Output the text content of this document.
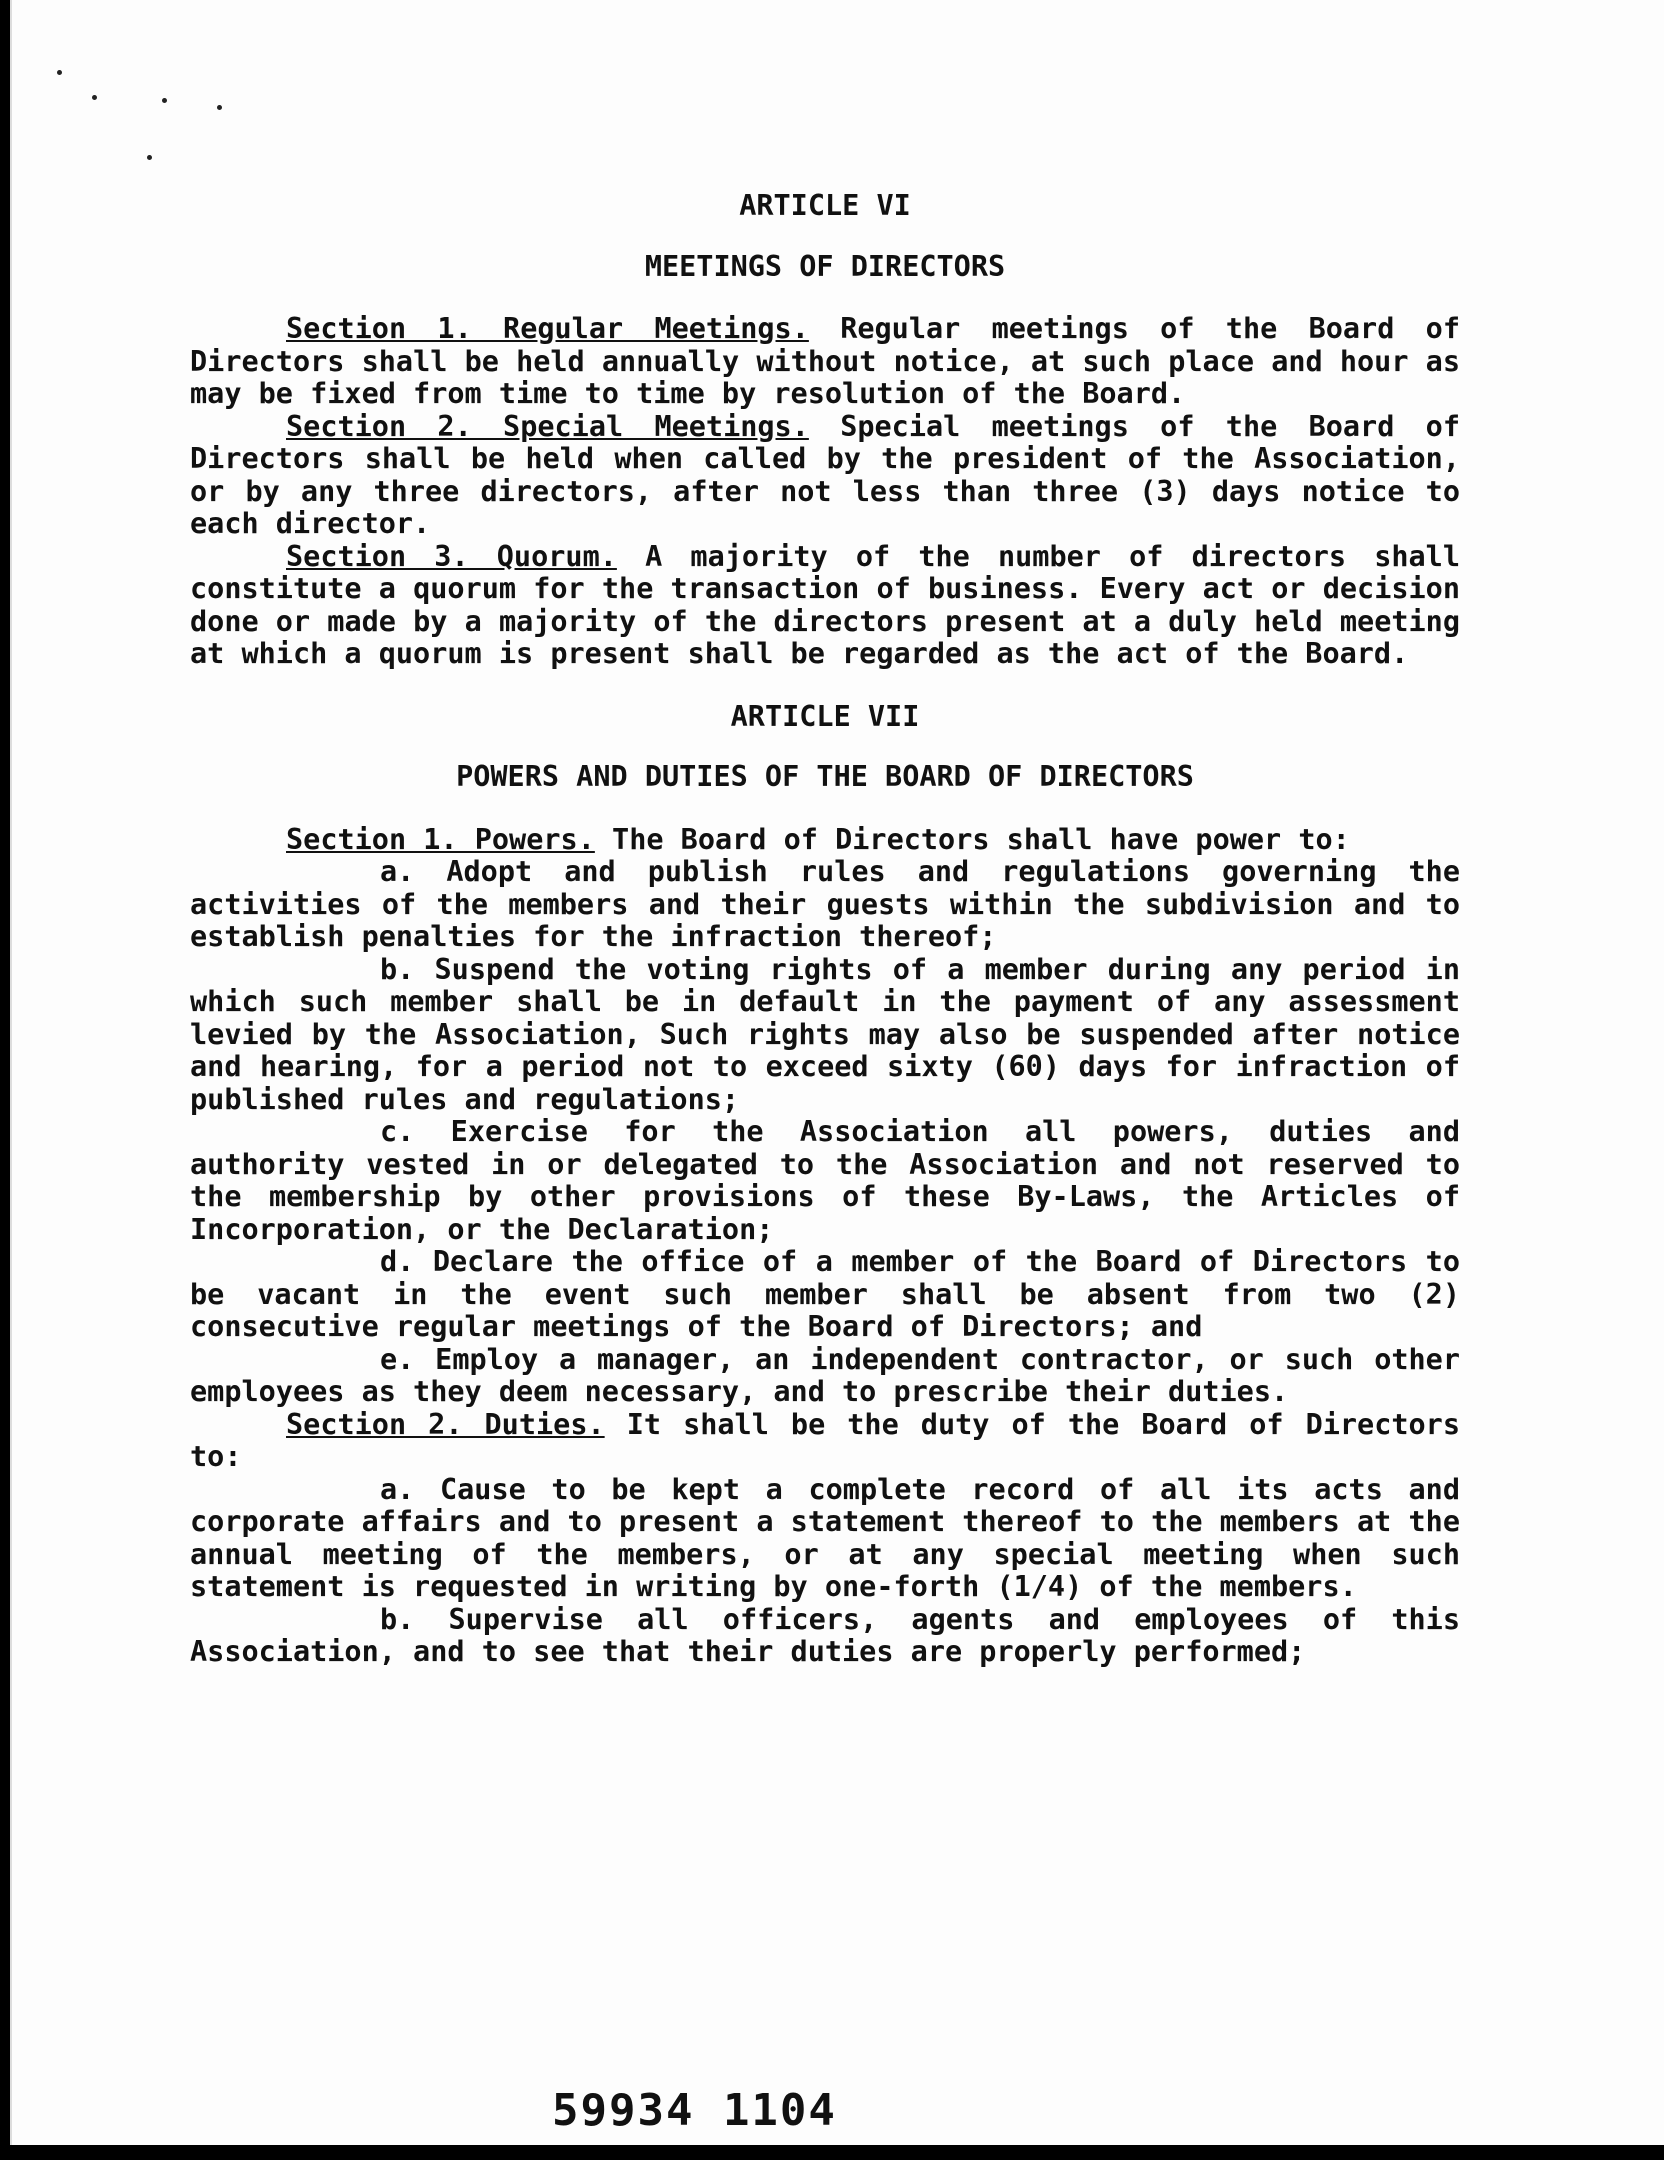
ARTICLE VI
MEETINGS OF DIRECTORS

Section 1. Regular Meetings. Regular meetings of the Board of Directors shall be held annually without notice, at such place and hour as may be fixed from time to time by resolution of the Board.

Section 2. Special Meetings. Special meetings of the Board of Directors shall be held when called by the president of the Association, or by any three directors, after not less than three (3) days notice to each director.

Section 3. Quorum. A majority of the number of directors shall constitute a quorum for the transaction of business. Every act or decision done or made by a majority of the directors present at a duly held meeting at which a quorum is present shall be regarded as the act of the Board.

ARTICLE VII
POWERS AND DUTIES OF THE BOARD OF DIRECTORS

Section 1. Powers. The Board of Directors shall have power to:

a. Adopt and publish rules and regulations governing the activities of the members and their guests within the subdivision and to establish penalties for the infraction thereof;

b. Suspend the voting rights of a member during any period in which such member shall be in default in the payment of any assessment levied by the Association, Such rights may also be suspended after notice and hearing, for a period not to exceed sixty (60) days for infraction of published rules and regulations;

c. Exercise for the Association all powers, duties and authority vested in or delegated to the Association and not reserved to the membership by other provisions of these By-Laws, the Articles of Incorporation, or the Declaration;

d. Declare the office of a member of the Board of Directors to be vacant in the event such member shall be absent from two (2) consecutive regular meetings of the Board of Directors; and

e. Employ a manager, an independent contractor, or such other employees as they deem necessary, and to prescribe their duties.

Section 2. Duties. It shall be the duty of the Board of Directors to:

a. Cause to be kept a complete record of all its acts and corporate affairs and to present a statement thereof to the members at the annual meeting of the members, or at any special meeting when such statement is requested in writing by one-forth (1/4) of the members.

b. Supervise all officers, agents and employees of this Association, and to see that their duties are properly performed;

59934 1104
